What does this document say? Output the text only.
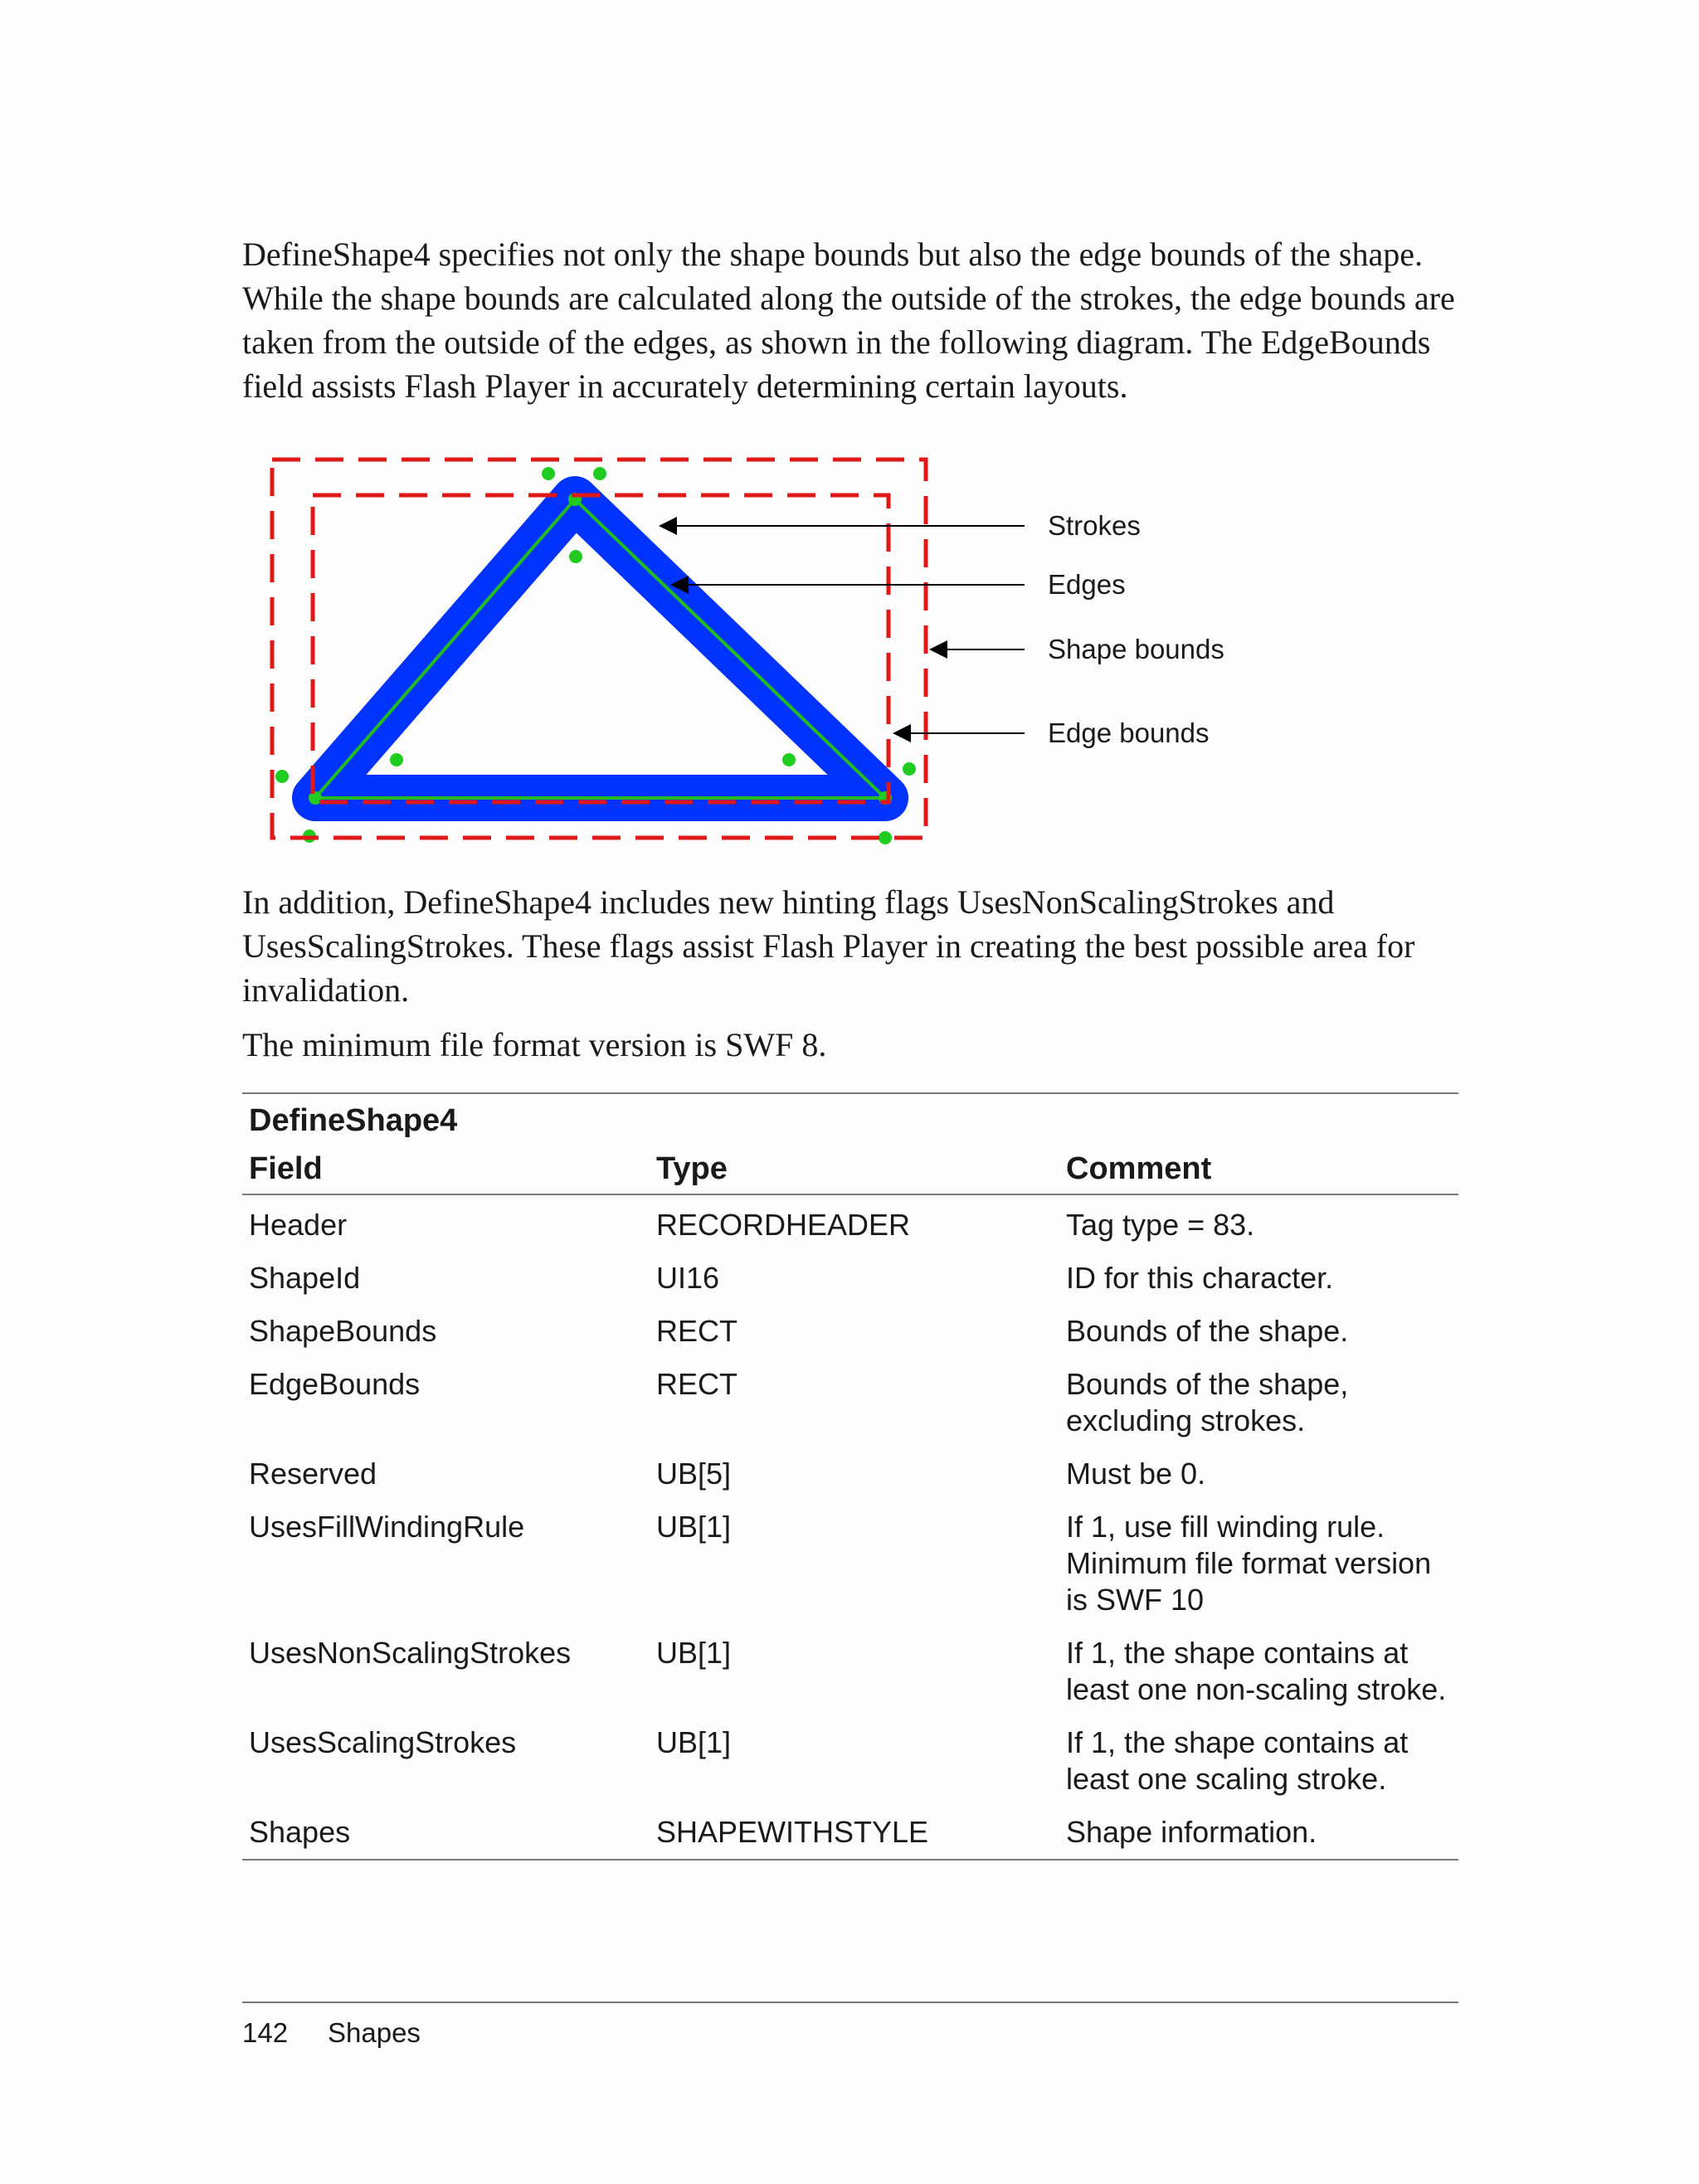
DefineShape4 specifies not only the shape bounds but also the edge bounds of the shape. While the shape bounds are calculated along the outside of the strokes, the edge bounds are taken from the outside of the edges, as shown in the following diagram. The EdgeBounds field assists Flash Player in accurately determining certain layouts.

Strokes
Edges
Shape bounds
Edge bounds

In addition, DefineShape4 includes new hinting flags UsesNonScalingStrokes and UsesScalingStrokes. These flags assist Flash Player in creating the best possible area for invalidation.

The minimum file format version is SWF 8.

DefineShape4		
Field	Type	Comment
Header	RECORDHEADER	Tag type = 83.
ShapeId	UI16	ID for this character.
ShapeBounds	RECT	Bounds of the shape.
EdgeBounds	RECT	Bounds of the shape, excluding strokes.
Reserved	UB[5]	Must be 0.
UsesFillWindingRule	UB[1]	If 1, use fill winding rule. Minimum file format version is SWF 10
UsesNonScalingStrokes	UB[1]	If 1, the shape contains at least one non-scaling stroke.
UsesScalingStrokes	UB[1]	If 1, the shape contains at least one scaling stroke.
Shapes	SHAPEWITHSTYLE	Shape information.
142 Shapes
